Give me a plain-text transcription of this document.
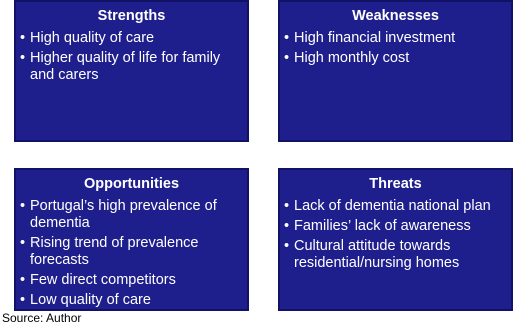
Strengths
• High quality of care
• Higher quality of life for family and carers
Weaknesses
• High financial investment
• High monthly cost
Opportunities
• Portugal’s high prevalence of dementia
• Rising trend of prevalence forecasts
• Few direct competitors
• Low quality of care
Threats
• Lack of dementia national plan
• Families’ lack of awareness
• Cultural attitude towards residential/nursing homes
Source: Author
